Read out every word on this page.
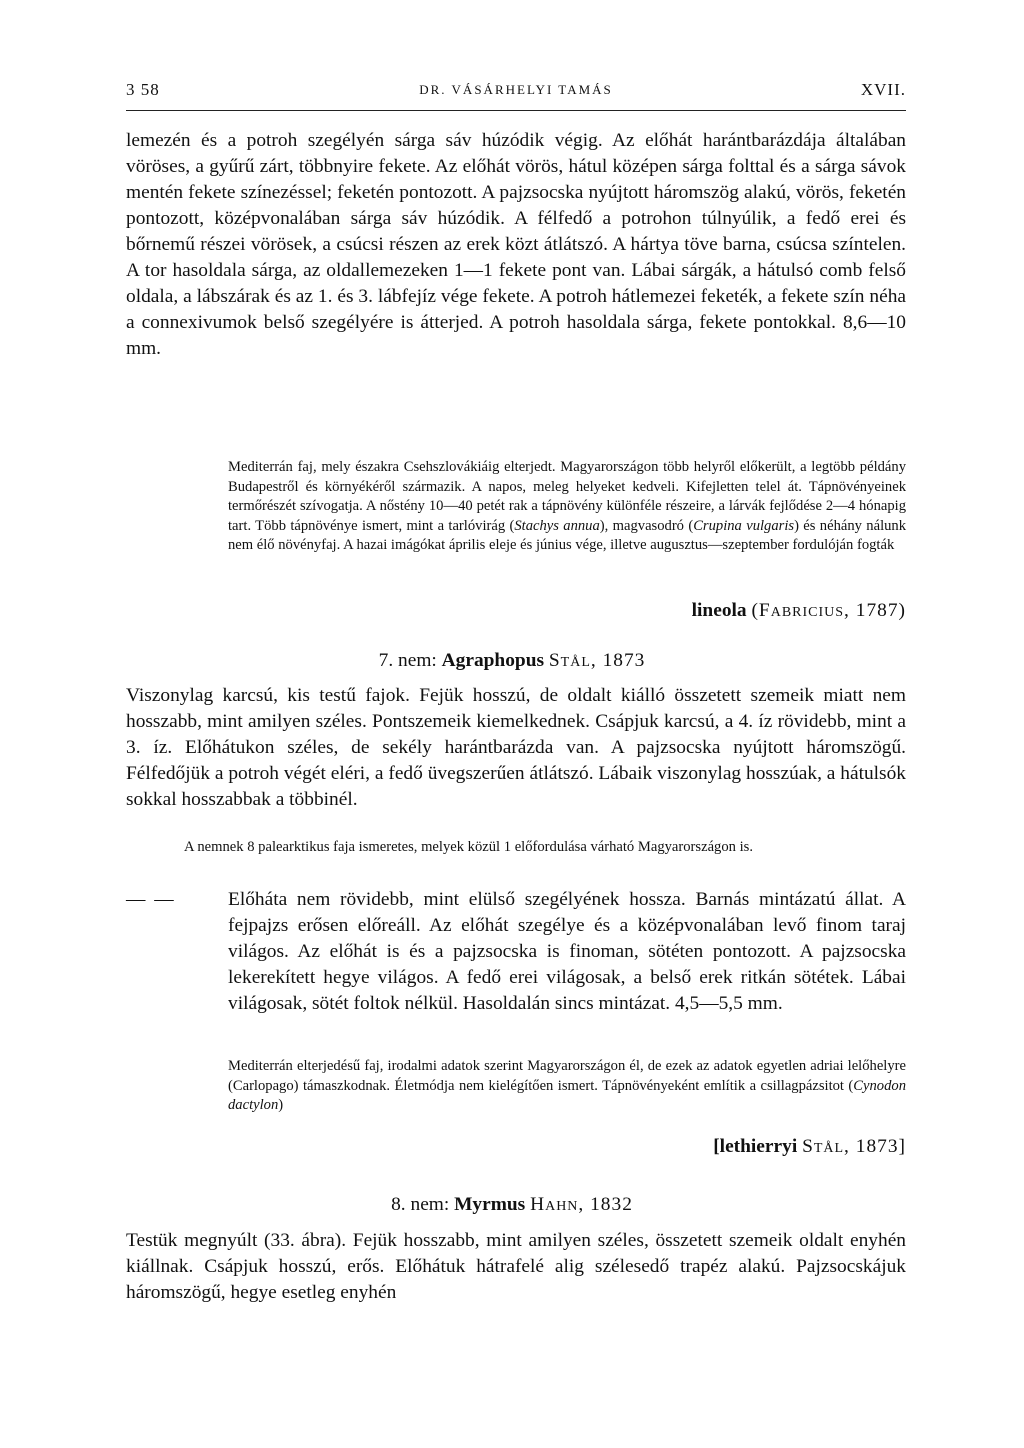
3 58	DR. VÁSÁRHELYI TAMÁS	XVII.
lemezén és a potroh szegélyén sárga sáv húzódik végig. Az előhát harántbarázdája általában vöröses, a gyűrű zárt, többnyire fekete. Az előhát vörös, hátul középen sárga folttal és a sárga sávok mentén fekete színezéssel; feketén pontozott. A pajzsocska nyújtott háromszög alakú, vörös, feketén pontozott, középvonalában sárga sáv húzódik. A félfedő a potrohon túlnyúlik, a fedő erei és bőrnemű részei vörösek, a csúcsi részen az erek közt átlátszó. A hártya töve barna, csúcsa színtelen. A tor hasoldala sárga, az oldallemezeken 1—1 fekete pont van. Lábai sárgák, a hátulsó comb felső oldala, a lábszárak és az 1. és 3. lábfejíz vége fekete. A potroh hátlemezei feketék, a fekete szín néha a connexivumok belső szegélyére is átterjed. A potroh hasoldala sárga, fekete pontokkal. 8,6—10 mm.
Mediterrán faj, mely északra Csehszlovákiáig elterjedt. Magyarországon több helyről előkerült, a legtöbb példány Budapestről és környékéről származik. A napos, meleg helyeket kedveli. Kifejletten telel át. Tápnövényeinek termőrészét szívogatja. A nőstény 10—40 petét rak a tápnövény különféle részeire, a lárvák fejlődése 2—4 hónapig tart. Több tápnövénye ismert, mint a tarlóvirág (Stachys annua), magvasodró (Crupina vulgaris) és néhány nálunk nem élő növényfaj. A hazai imágókat április eleje és június vége, illetve augusztus—szeptember fordulóján fogták
lineola (Fabricius, 1787)
7. nem: Agraphopus Stål, 1873
Viszonylag karcsú, kis testű fajok. Fejük hosszú, de oldalt kiálló összetett szemeik miatt nem hosszabb, mint amilyen széles. Pontszemeik kiemelkednek. Csápjuk karcsú, a 4. íz rövidebb, mint a 3. íz. Előhátukon széles, de sekély harántbarázda van. A pajzsocska nyújtott háromszögű. Félfedőjük a potroh végét eléri, a fedő üvegszerűen átlátszó. Lábaik viszonylag hosszúak, a hátulsók sokkal hosszabbak a többinél.
A nemnek 8 palearktikus faja ismeretes, melyek közül 1 előfordulása várható Magyarországon is.
— —	Előháta nem rövidebb, mint elülső szegélyének hossza. Barnás mintázatú állat. A fejpajzs erősen előreáll. Az előhát szegélye és a középvonalában levő finom taraj világos. Az előhát is és a pajzsocska is finoman, sötéten pontozott. A pajzsocska lekerekített hegye világos. A fedő erei világosak, a belső erek ritkán sötétek. Lábai világosak, sötét foltok nélkül. Hasoldalán sincs mintázat. 4,5—5,5 mm.
Mediterrán elterjedésű faj, irodalmi adatok szerint Magyarországon él, de ezek az adatok egyetlen adriai lelőhelyre (Carlopago) támaszkodnak. Életmódja nem kielégítően ismert. Tápnövényeként említik a csillagpázsitot (Cynodon dactylon)
[lethierryi Stål, 1873]
8. nem: Myrmus Hahn, 1832
Testük megnyúlt (33. ábra). Fejük hosszabb, mint amilyen széles, összetett szemeik oldalt enyhén kiállnak. Csápjuk hosszú, erős. Előhátuk hátrafelé alig szélesedő trapéz alakú. Pajzsocskájuk háromszögű, hegye esetleg enyhén
